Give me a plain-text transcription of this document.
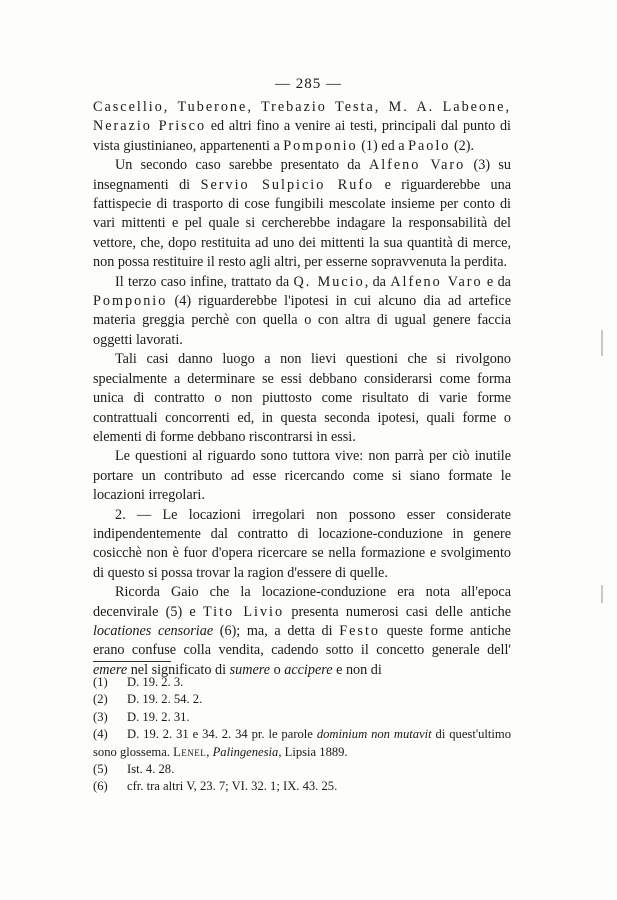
— 285 —

Cascellio, Tuberone, Trebazio Testa, M. A. Labeone, Nerazio Prisco ed altri fino a venire ai testi, principali dal punto di vista giustinianeo, appartenenti a Pomponio (1) ed a Paolo (2).

Un secondo caso sarebbe presentato da Alfeno Varo (3) su insegnamenti di Servio Sulpicio Rufo e riguarderebbe una fattispecie di trasporto di cose fungibili mescolate insieme per conto di vari mittenti e pel quale si cercherebbe indagare la responsabilità del vettore, che, dopo restituita ad uno dei mittenti la sua quantità di merce, non possa restituire il resto agli altri, per esserne sopravvenuta la perdita.

Il terzo caso infine, trattato da Q. Mucio, da Alfeno Varo e da Pomponio (4) riguarderebbe l'ipotesi in cui alcuno dia ad artefice materia greggia perchè con quella o con altra di ugual genere faccia oggetti lavorati.

Tali casi danno luogo a non lievi questioni che si rivolgono specialmente a determinare se essi debbano considerarsi come forma unica di contratto o non piuttosto come risultato di varie forme contrattuali concorrenti ed, in questa seconda ipotesi, quali forme o elementi di forme debbano riscontrarsi in essi.

Le questioni al riguardo sono tuttora vive: non parrà per ciò inutile portare un contributo ad esse ricercando come si siano formate le locazioni irregolari.

2. — Le locazioni irregolari non possono esser considerate indipendentemente dal contratto di locazione-conduzione in genere cosicchè non è fuor d'opera ricercare se nella formazione e svolgimento di questo si possa trovar la ragion d'essere di quelle.

Ricorda Gaio che la locazione-conduzione era nota all'epoca decenvirale (5) e Tito Livio presenta numerosi casi delle antiche locationes censoriae (6); ma, a detta di Festo queste forme antiche erano confuse colla vendita, cadendo sotto il concetto generale dell' emere nel significato di sumere o accipere e non di

(1) D. 19. 2. 3.

(2) D. 19. 2. 54. 2.

(3) D. 19. 2. 31.

(4) D. 19. 2. 31 e 34. 2. 34 pr. le parole dominium non mutavit di quest'ultimo sono glossema. Lenel, Palingenesia, Lipsia 1889.

(5) Ist. 4. 28.

(6) cfr. tra altri V, 23. 7; VI. 32. 1; IX. 43. 25.
